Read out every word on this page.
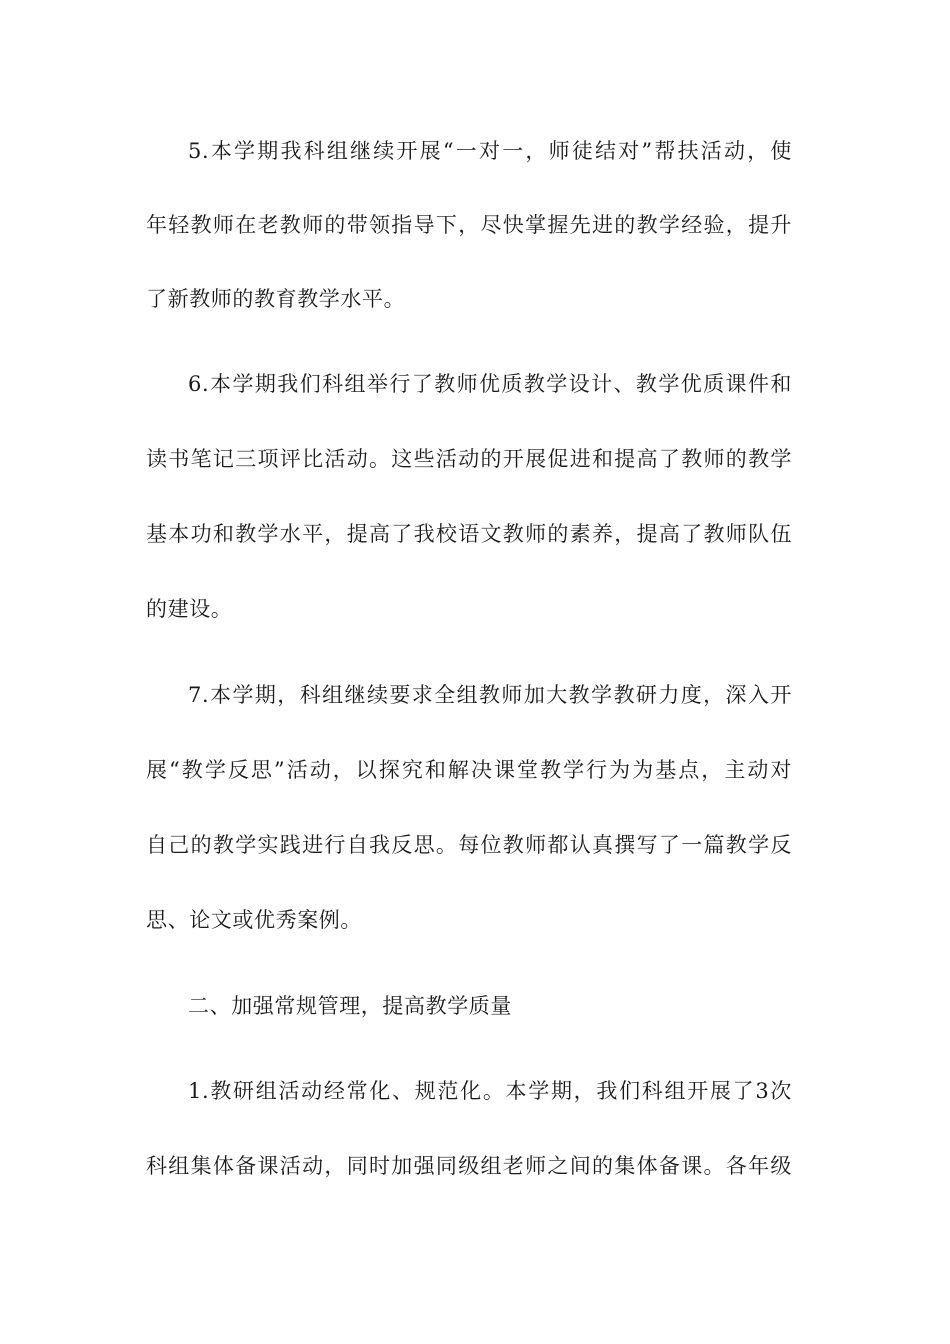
5.本学期我科组继续开展“一对一，师徒结对”帮扶活动，使
年轻教师在老教师的带领指导下，尽快掌握先进的教学经验，提升
了新教师的教育教学水平。
6.本学期我们科组举行了教师优质教学设计、教学优质课件和
读书笔记三项评比活动。这些活动的开展促进和提高了教师的教学
基本功和教学水平，提高了我校语文教师的素养，提高了教师队伍
的建设。
7.本学期，科组继续要求全组教师加大教学教研力度，深入开
展“教学反思”活动，以探究和解决课堂教学行为为基点，主动对
自己的教学实践进行自我反思。每位教师都认真撰写了一篇教学反
思、论文或优秀案例。
二、加强常规管理，提高教学质量
1.教研组活动经常化、规范化。本学期，我们科组开展了3次
科组集体备课活动，同时加强同级组老师之间的集体备课。各年级
